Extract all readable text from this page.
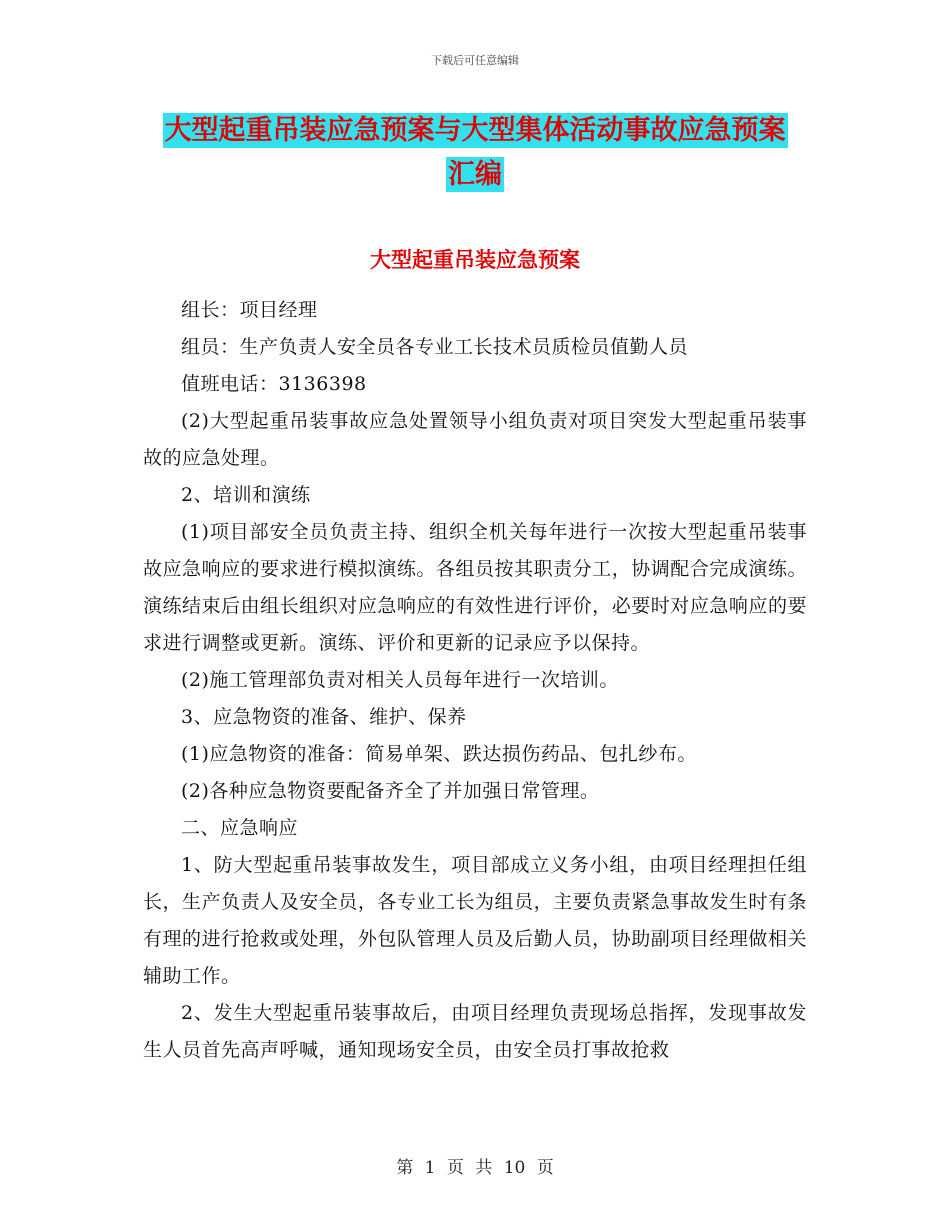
下载后可任意编辑
大型起重吊装应急预案与大型集体活动事故应急预案
汇编
大型起重吊装应急预案

组长：项目经理

组员：生产负责人安全员各专业工长技术员质检员值勤人员

值班电话：3136398

(2)大型起重吊装事故应急处置领导小组负责对项目突发大型起重吊装事故的应急处理。

2、培训和演练

(1)项目部安全员负责主持、组织全机关每年进行一次按大型起重吊装事故应急响应的要求进行模拟演练。各组员按其职责分工，协调配合完成演练。演练结束后由组长组织对应急响应的有效性进行评价，必要时对应急响应的要求进行调整或更新。演练、评价和更新的记录应予以保持。

(2)施工管理部负责对相关人员每年进行一次培训。

3、应急物资的准备、维护、保养

(1)应急物资的准备：简易单架、跌达损伤药品、包扎纱布。

(2)各种应急物资要配备齐全了并加强日常管理。

二、应急响应

1、防大型起重吊装事故发生，项目部成立义务小组，由项目经理担任组长，生产负责人及安全员，各专业工长为组员，主要负责紧急事故发生时有条有理的进行抢救或处理，外包队管理人员及后勤人员，协助副项目经理做相关辅助工作。

2、发生大型起重吊装事故后，由项目经理负责现场总指挥，发现事故发生人员首先高声呼喊，通知现场安全员，由安全员打事故抢救

第 1 页 共 10 页
